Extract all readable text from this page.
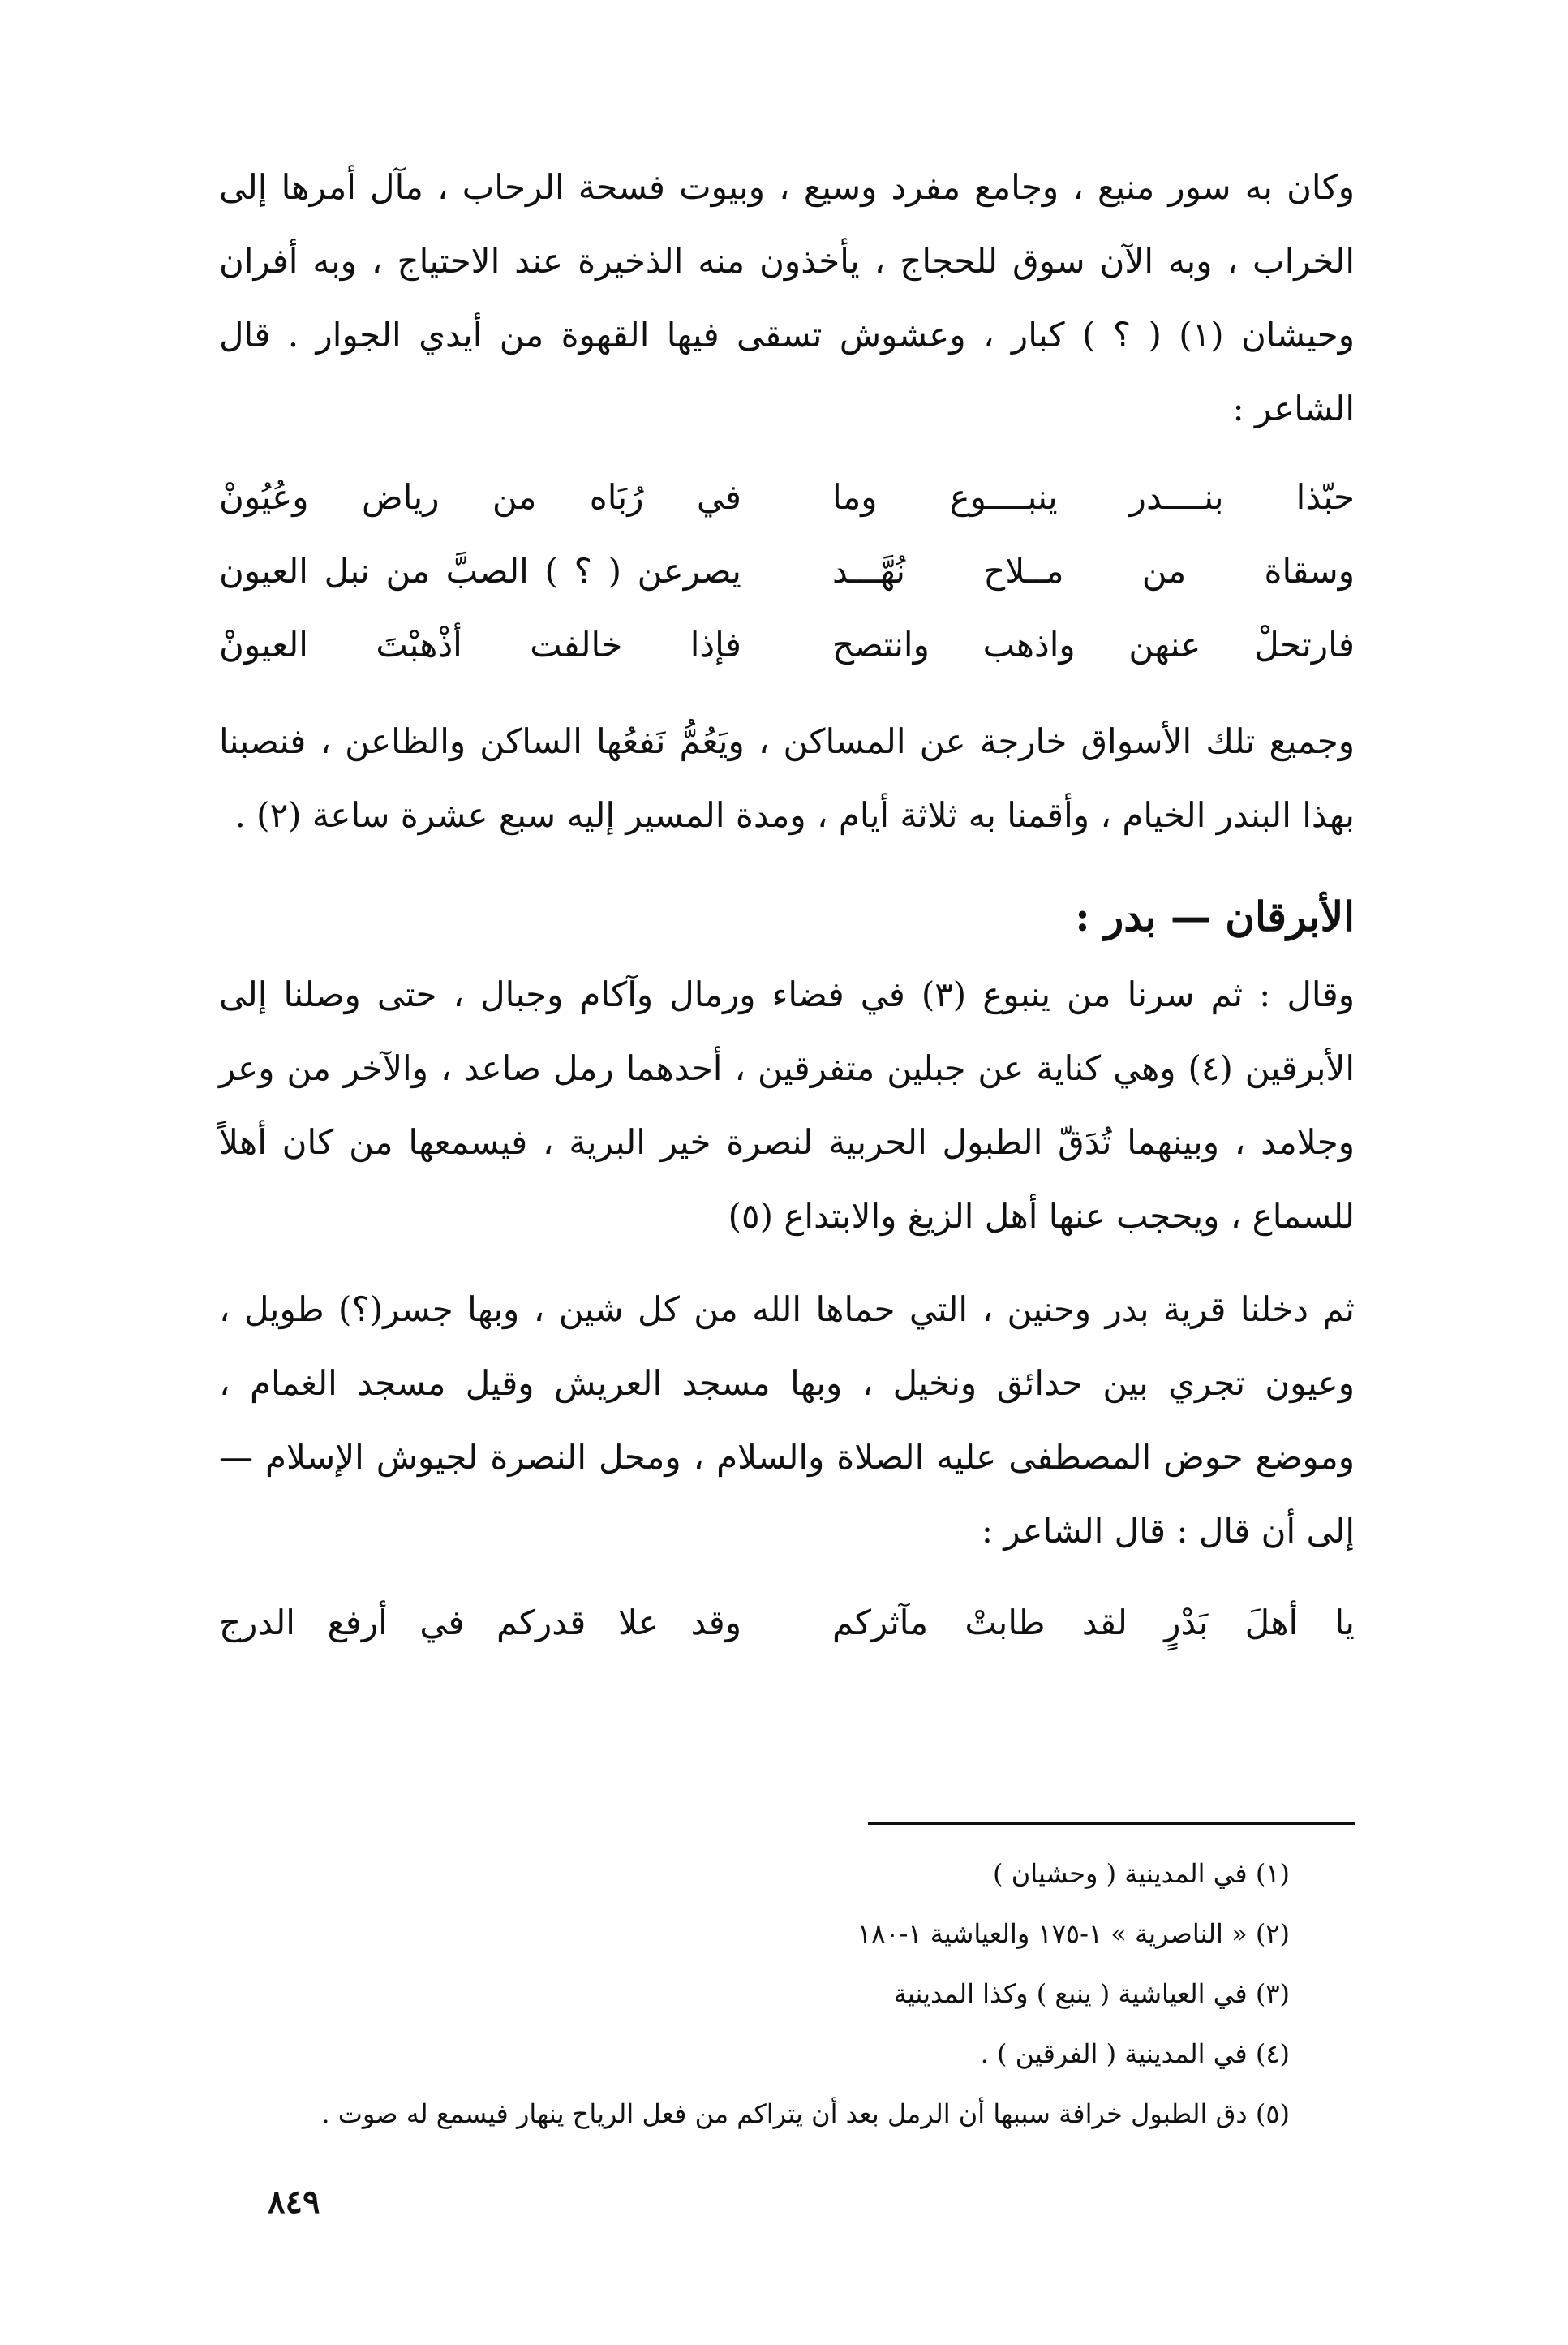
وكان به سور منيع ، وجامع مفرد وسيع ، وبيوت فسحة الرحاب ، مآل أمرها إلى الخراب ، وبه الآن سوق للحجاج ، يأخذون منه الذخيرة عند الاحتياج ، وبه أفران وحيشان (١) ( ؟ ) كبار ، وعشوش تسقى فيها القهوة من أيدي الجوار . قال الشاعر :

حبّذا بنــــدر ينبــــوع وما
في رُبَاه من رياض وعُيُونْ
وسقاة من مــلاح نُهَّـــد
يصرعن ( ؟ ) الصبَّ من نبل العيون
فارتحلْ عنهن واذهب وانتصح
فإذا خالفت أذْهبْتَ العيونْ

وجميع تلك الأسواق خارجة عن المساكن ، ويَعُمُّ نَفعُها الساكن والظاعن ، فنصبنا بهذا البندر الخيام ، وأقمنا به ثلاثة أيام ، ومدة المسير إليه سبع عشرة ساعة (٢) .

الأبرقان — بدر :

وقال : ثم سرنا من ينبوع (٣) في فضاء ورمال وآكام وجبال ، حتى وصلنا إلى الأبرقين (٤) وهي كناية عن جبلين متفرقين ، أحدهما رمل صاعد ، والآخر من وعر وجلامد ، وبينهما تُدَقّ الطبول الحربية لنصرة خير البرية ، فيسمعها من كان أهلاً للسماع ، ويحجب عنها أهل الزيغ والابتداع (٥)

ثم دخلنا قرية بدر وحنين ، التي حماها الله من كل شين ، وبها جسر(؟) طويل ، وعيون تجري بين حدائق ونخيل ، وبها مسجد العريش وقيل مسجد الغمام ، وموضع حوض المصطفى عليه الصلاة والسلام ، ومحل النصرة لجيوش الإسلام — إلى أن قال : قال الشاعر :

يا أهلَ بَدْرٍ لقد طابتْ مآثركم
وقد علا قدركم في أرفع الدرج

(١) في المدينية ( وحشيان )

(٢) « الناصرية » ١-١٧٥ والعياشية ١-١٨٠

(٣) في العياشية ( ينبع ) وكذا المدينية

(٤) في المدينية ( الفرقين ) .

(٥) دق الطبول خرافة سببها أن الرمل بعد أن يتراكم من فعل الرياح ينهار فيسمع له صوت .

٨٤٩
